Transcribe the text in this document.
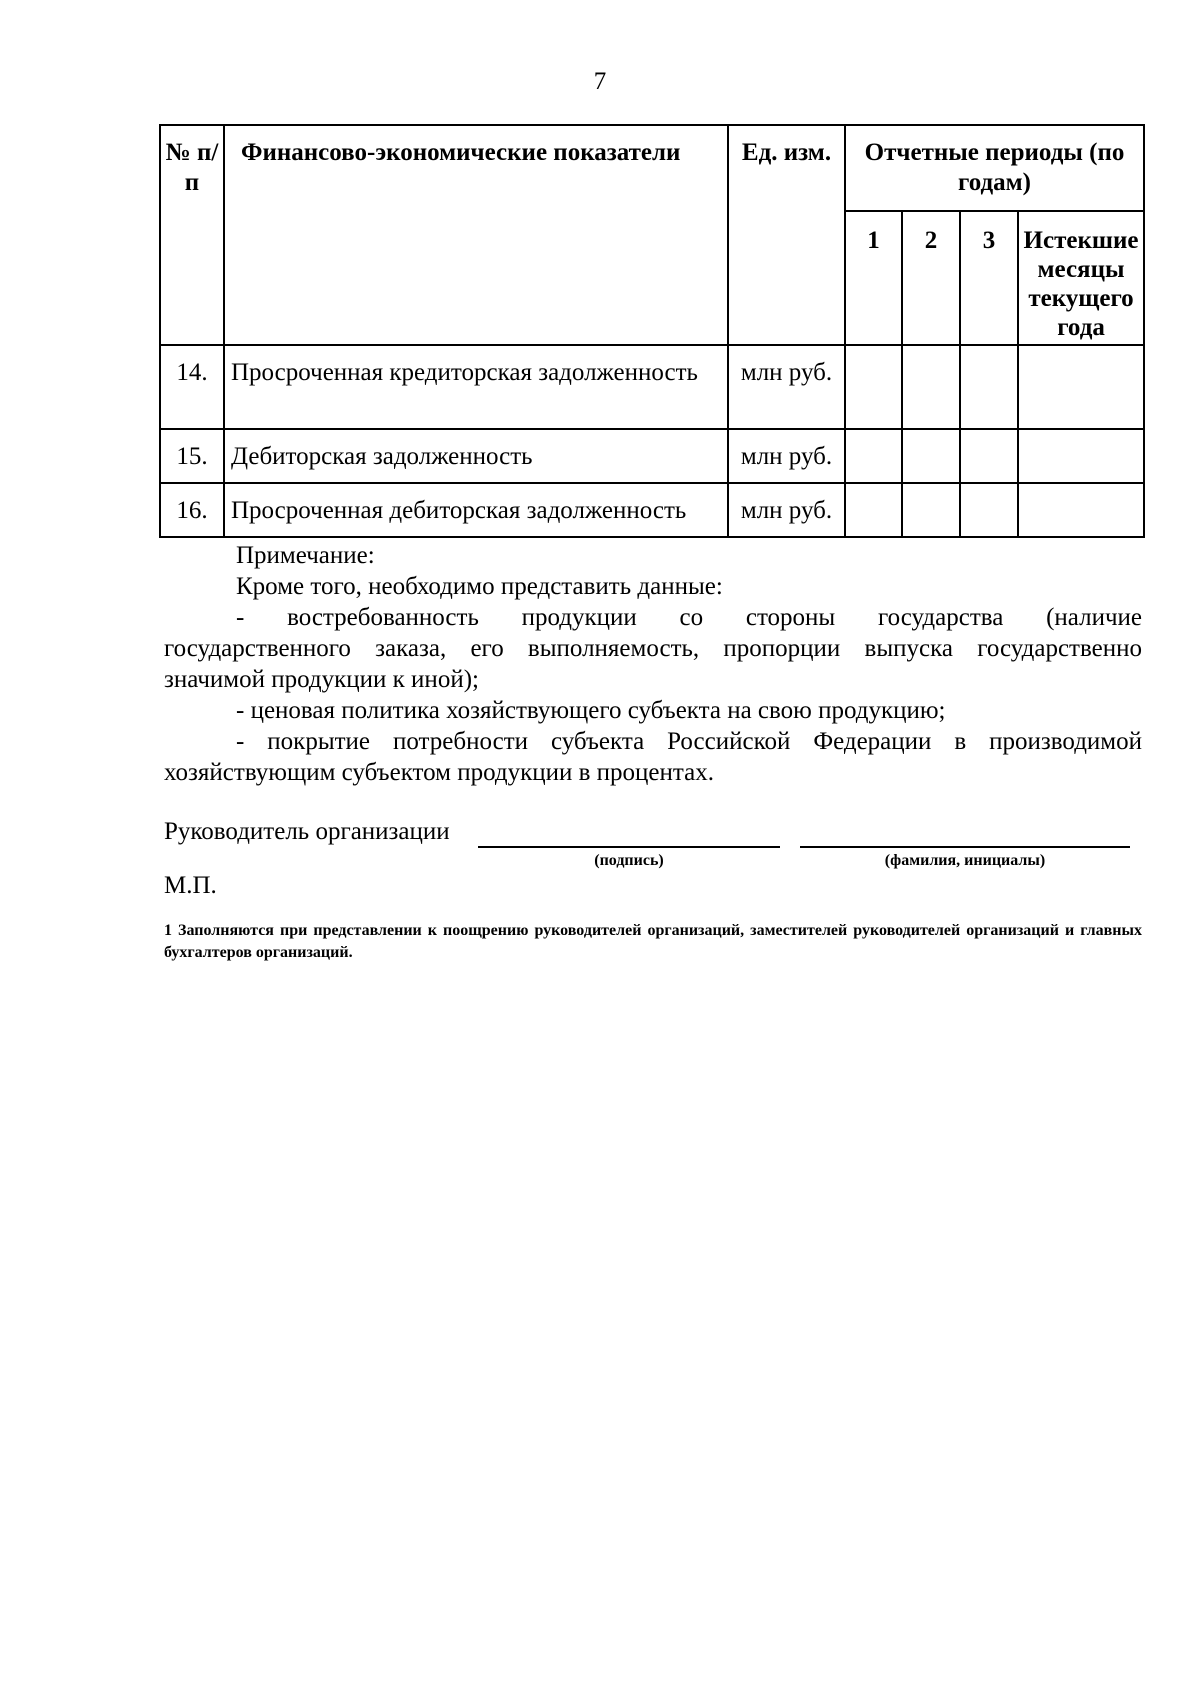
7
№ п/п	Финансово-экономические показатели	Ед. изм.	Отчетные периоды (по годам)			
			1	2	3	Истекшие месяцы текущего года
14.	Просроченная кредиторская задолженность	млн руб.				
15.	Дебиторская задолженность	млн руб.				
16.	Просроченная дебиторская задолженность	млн руб.				

Примечание:

Кроме того, необходимо представить данные:

- востребованность продукции со стороны государства (наличие

государственного заказа, его выполняемость, пропорции выпуска государственно

значимой продукции к иной);

- ценовая политика хозяйствующего субъекта на свою продукцию;

- покрытие потребности субъекта Российской Федерации в производимой

хозяйствующим субъектом продукции в процентах.

Руководитель организации
(подпись)	(фамилия, инициалы)
М.П.
1 Заполняются при представлении к поощрению руководителей организаций, заместителей руководителей организаций и главных бухгалтеров организаций.
